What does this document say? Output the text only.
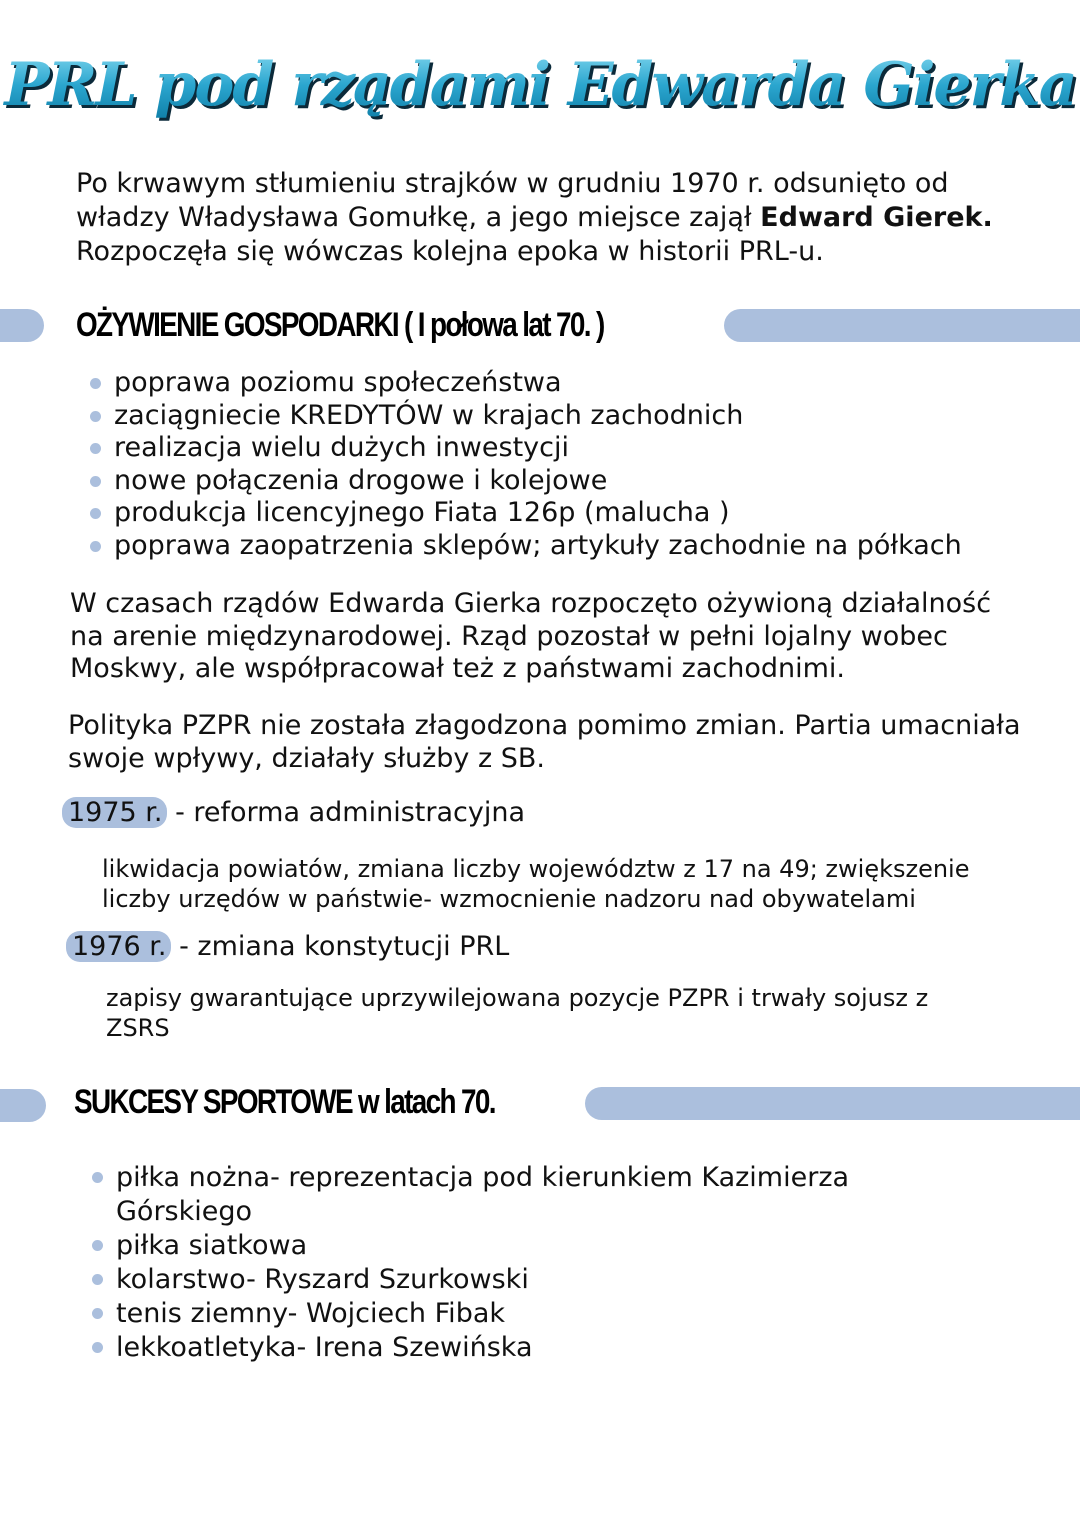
PRL pod rządami Edwarda Gierka
Po krwawym stłumieniu strajków w grudniu 1970 r. odsunięto od władzy Władysława Gomułkę, a jego miejsce zajął Edward Gierek. Rozpoczęła się wówczas kolejna epoka w historii PRL-u.
OŻYWIENIE GOSPODARKI ( I połowa lat 70. )
poprawa poziomu społeczeństwa
zaciągniecie KREDYTÓW w krajach zachodnich
realizacja wielu dużych inwestycji
nowe połączenia drogowe i kolejowe
produkcja licencyjnego Fiata 126p (malucha )
poprawa zaopatrzenia sklepów; artykuły zachodnie na półkach
W czasach rządów Edwarda Gierka rozpoczęto ożywioną działalność na arenie międzynarodowej. Rząd pozostał w pełni lojalny wobec Moskwy, ale współpracował też z państwami zachodnimi.
Polityka PZPR nie została złagodzona pomimo zmian. Partia umacniała swoje wpływy, działały służby z SB.
1975 r. - reforma administracyjna
likwidacja powiatów, zmiana liczby województw z 17 na 49; zwiększenie liczby urzędów w państwie- wzmocnienie nadzoru nad obywatelami
1976 r. - zmiana konstytucji PRL
zapisy gwarantujące uprzywilejowana pozycje PZPR i trwały sojusz z ZSRS
SUKCESY SPORTOWE w latach 70.
piłka nożna- reprezentacja pod kierunkiem Kazimierza Górskiego
piłka siatkowa
kolarstwo- Ryszard Szurkowski
tenis ziemny- Wojciech Fibak
lekkoatletyka- Irena Szewińska
